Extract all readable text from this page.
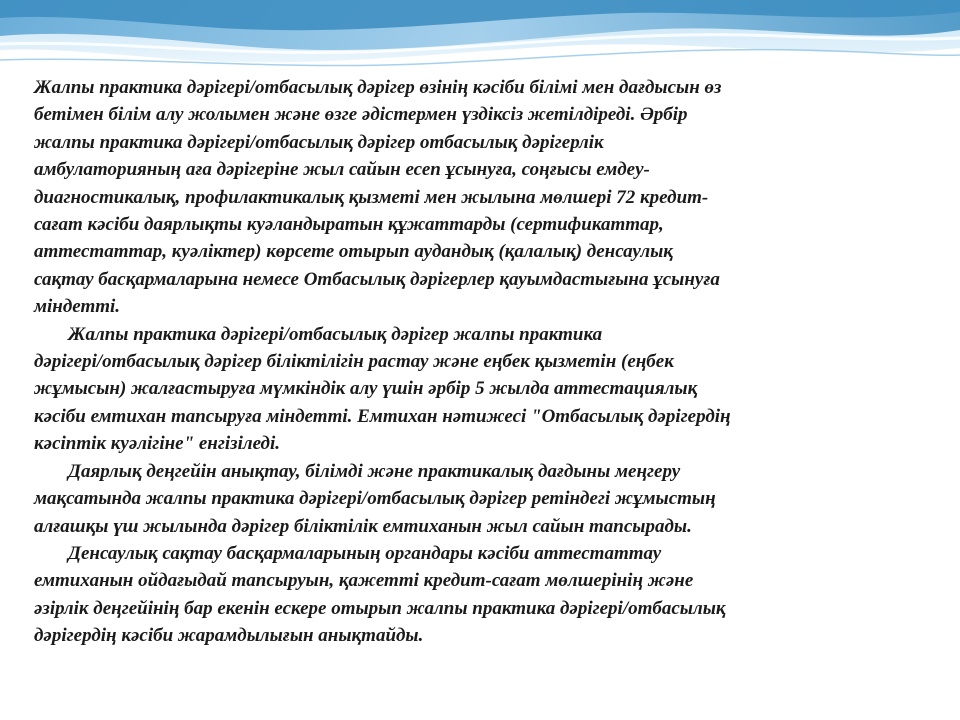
Жалпы практика дәрігері/отбасылық дәрігер өзінің кәсіби білімі мен дағдысын өз
бетімен білім алу жолымен және өзге әдістермен үздіксіз жетілдіреді. Әрбір
жалпы практика дәрігері/отбасылық дәрігер отбасылық дәрігерлік
амбулаторияның аға дәрігеріне жыл сайын есеп ұсынуға, соңғысы емдеу-
диагностикалық, профилактикалық қызметі мен жылына мөлшері 72 кредит-
сағат кәсіби даярлықты куәландыратын құжаттарды (сертификаттар,
аттестаттар, куәліктер) көрсете отырып аудандық (қалалық) денсаулық
сақтау басқармаларына немесе Отбасылық дәрігерлер қауымдастығына ұсынуға
міндетті.

Жалпы практика дәрігері/отбасылық дәрігер жалпы практика
дәрігері/отбасылық дәрігер біліктілігін растау және еңбек қызметін (еңбек
жұмысын) жалғастыруға мүмкіндік алу үшін әрбір 5 жылда аттестациялық
кәсіби емтихан тапсыруға міндетті. Емтихан нәтижесі "Отбасылық дәрігердің
кәсіптік куәлігіне" енгізіледі.

Даярлық деңгейін анықтау, білімді және практикалық дағдыны меңгеру
мақсатында жалпы практика дәрігері/отбасылық дәрігер ретіндегі жұмыстың
алғашқы үш жылында дәрігер біліктілік емтиханын жыл сайын тапсырады.

Денсаулық сақтау басқармаларының органдары кәсіби аттестаттау
емтиханын ойдағыдай тапсыруын, қажетті кредит-сағат мөлшерінің және
әзірлік деңгейінің бар екенін ескере отырып жалпы практика дәрігері/отбасылық
дәрігердің кәсіби жарамдылығын анықтайды.
